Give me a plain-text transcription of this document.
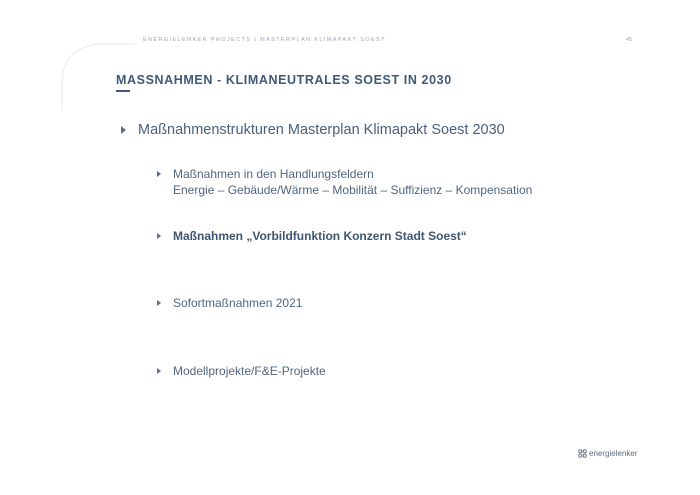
ENERGIELENKER PROJECTS | MASTERPLAN KLIMAPAKT SOEST	45
MASSNAHMEN - KLIMANEUTRALES SOEST IN 2030
Maßnahmenstrukturen Masterplan Klimapakt Soest 2030
Maßnahmen in den Handlungsfeldern
Energie – Gebäude/Wärme – Mobilität – Suffizienz – Kompensation
Maßnahmen „Vorbildfunktion Konzern Stadt Soest“
Sofortmaßnahmen 2021
Modellprojekte/F&E-Projekte
energielenker
